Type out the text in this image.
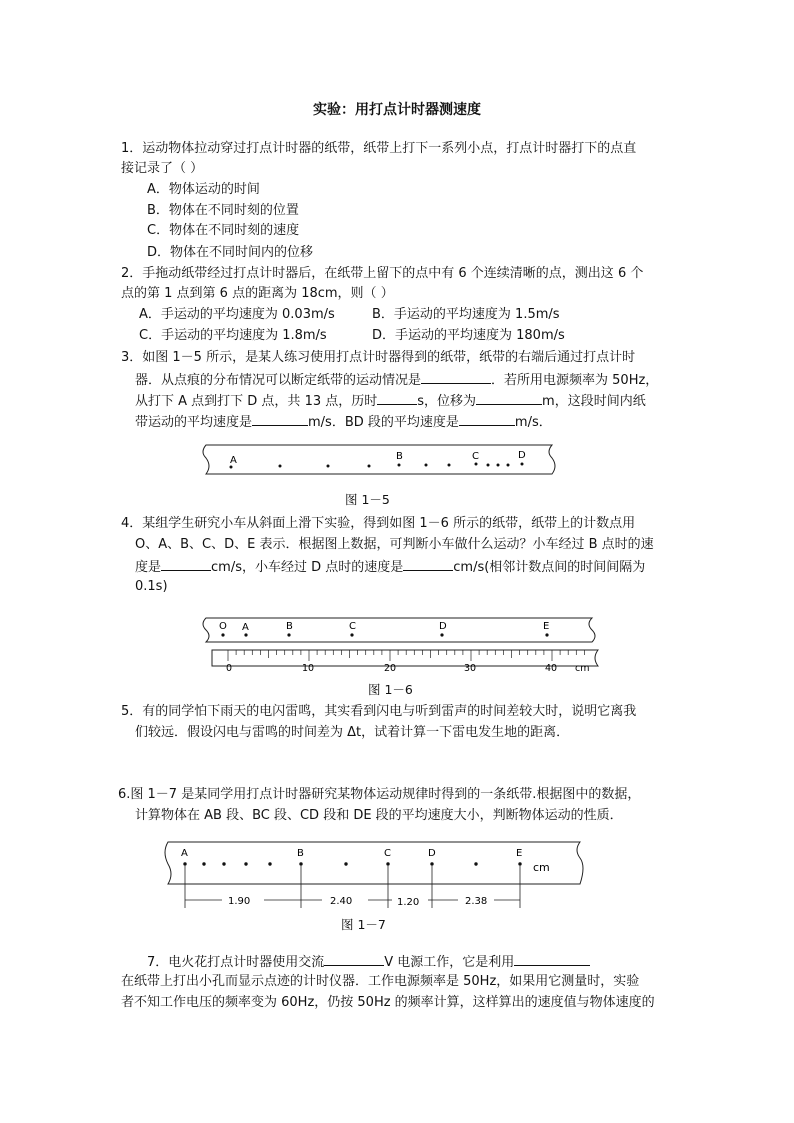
实验：用打点计时器测速度
1．运动物体拉动穿过打点计时器的纸带，纸带上打下一系列小点，打点计时器打下的点直
接记录了（ ）
A．物体运动的时间
B．物体在不同时刻的位置
C．物体在不同时刻的速度
D．物体在不同时间内的位移
2．手拖动纸带经过打点计时器后，在纸带上留下的点中有 6 个连续清晰的点，测出这 6 个
点的第 1 点到第 6 点的距离为 18cm，则（ ）
A．手运动的平均速度为 0.03m/s	B．手运动的平均速度为 1.5m/s
C．手运动的平均速度为 1.8m/s	D．手运动的平均速度为 180m/s
3．如图 1－5 所示，是某人练习使用打点计时器得到的纸带，纸带的右端后通过打点计时
器．从点痕的分布情况可以断定纸带的运动情况是	．若所用电源频率为 50Hz，
从打下 A 点到打下 D 点，共 13 点，历时	s，位移为	m，这段时间内纸
带运动的平均速度是	m/s．BD 段的平均速度是	m/s．
A	B	C	D
图 1－5
4．某组学生研究小车从斜面上滑下实验，得到如图 1－6 所示的纸带，纸带上的计数点用
O、A、B、C、D、E 表示．根据图上数据，可判断小车做什么运动？小车经过 B 点时的速
度是	cm/s，小车经过 D 点时的速度是	cm/s(相邻计数点间的时间间隔为
0.1s)
O A	B	C	D	E
0	10	20	30	40 cm
图 1－6
5．有的同学怕下雨天的电闪雷鸣，其实看到闪电与听到雷声的时间差较大时，说明它离我
们较远．假设闪电与雷鸣的时间差为 Δt，试着计算一下雷电发生地的距离．
6.图 1－7 是某同学用打点计时器研究某物体运动规律时得到的一条纸带.根据图中的数据，
计算物体在 AB 段、BC 段、CD 段和 DE 段的平均速度大小，判断物体运动的性质．
A	B	C	D	E
cm
1.90	2.40	1.20	2.38
图 1－7
7．电火花打点计时器使用交流	V 电源工作，它是利用
在纸带上打出小孔而显示点迹的计时仪器．工作电源频率是 50Hz，如果用它测量时，实验
者不知工作电压的频率变为 60Hz，仍按 50Hz 的频率计算，这样算出的速度值与物体速度的
